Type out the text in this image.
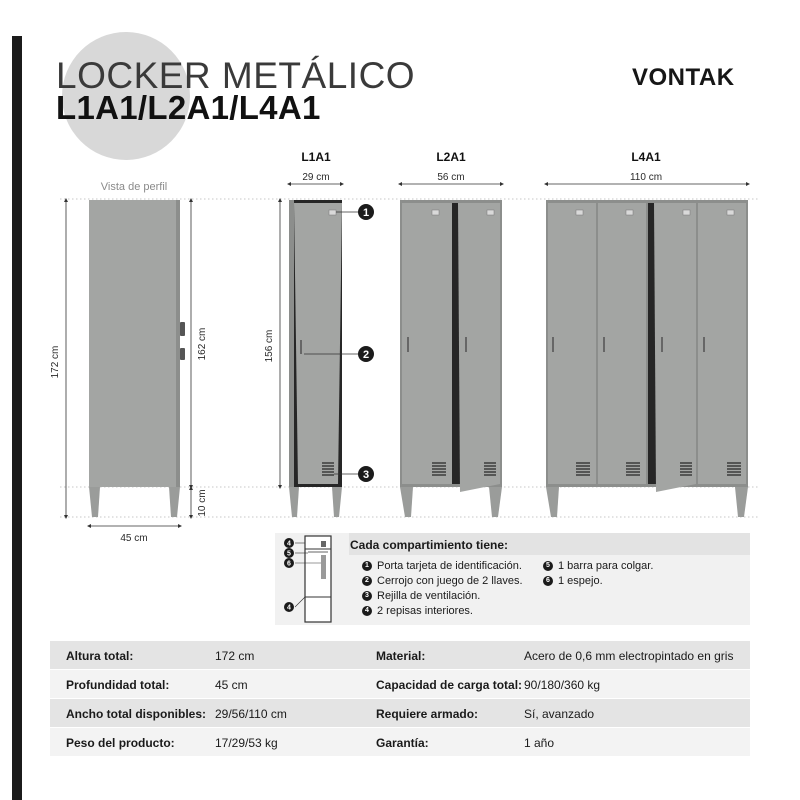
LOCKER METÁLICO
L1A1/L2A1/L4A1
VONTAK
Vista de perfil
172 cm
162 cm
10 cm
45 cm
L1A1
29 cm
156 cm
1
2
3
L2A1
56 cm
L4A1
110 cm
4
5
6
4
Cada compartimiento tiene:
1 Porta tarjeta de identificación.
2 Cerrojo con juego de 2 llaves.
3 Rejilla de ventilación.
4 2 repisas interiores.
5 1 barra para colgar.
6 1 espejo.
Altura total:	172 cm	Material:	Acero de 0,6 mm electropintado en gris
Profundidad total:	45 cm	Capacidad de carga total: 90/180/360 kg
Ancho total disponibles: 29/56/110 cm	Requiere armado:	Sí, avanzado
Peso del producto:	17/29/53 kg	Garantía:	1 año
